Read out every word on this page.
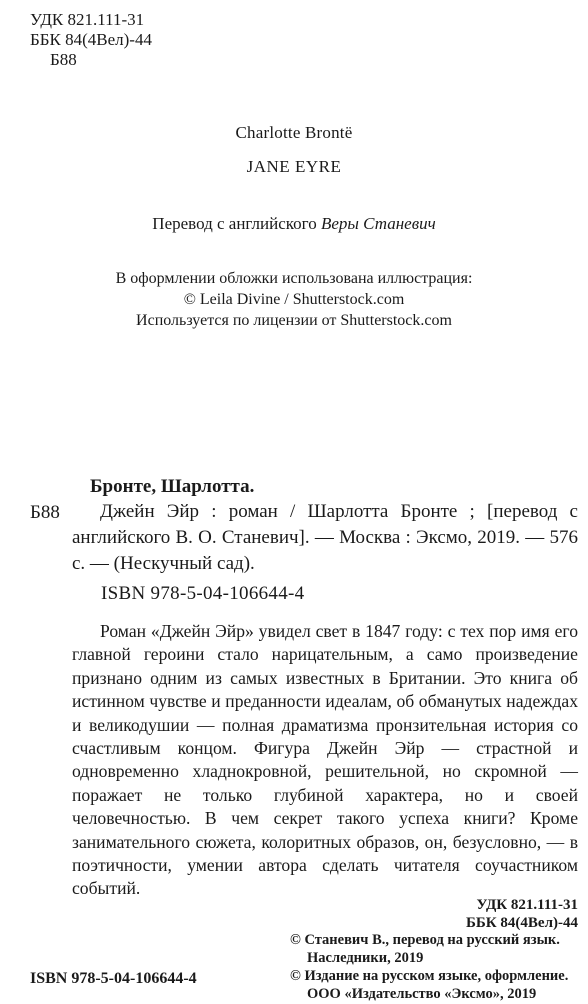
УДК 821.111-31
ББК 84(4Вел)-44
Б88
Charlotte Brontë
JANE EYRE
Перевод с английского Веры Станевич
В оформлении обложки использована иллюстрация:
© Leila Divine / Shutterstock.com
Используется по лицензии от Shutterstock.com
Бронте, Шарлотта.
Б88	Джейн Эйр : роман / Шарлотта Бронте ; [перевод с английского В. О. Станевич]. — Москва : Эксмо, 2019. — 576 с. — (Нескучный сад).
ISBN 978-5-04-106644-4
Роман «Джейн Эйр» увидел свет в 1847 году: с тех пор имя его главной героини стало нарицательным, а само произведение признано одним из самых известных в Британии. Это книга об истинном чувстве и преданности идеалам, об обманутых надеждах и великодушии — полная драматизма пронзительная история со счастливым концом. Фигура Джейн Эйр — страстной и одновременно хладнокровной, решительной, но скромной — поражает не только глубиной характера, но и своей человечностью. В чем секрет такого успеха книги? Кроме занимательного сюжета, колоритных образов, он, безусловно, — в поэтичности, умении автора сделать читателя соучастником событий.
УДК 821.111-31
ББК 84(4Вел)-44
ISBN 978-5-04-106644-4
© Станевич В., перевод на русский язык.
Наследники, 2019
© Издание на русском языке, оформление.
ООО «Издательство «Эксмо», 2019
